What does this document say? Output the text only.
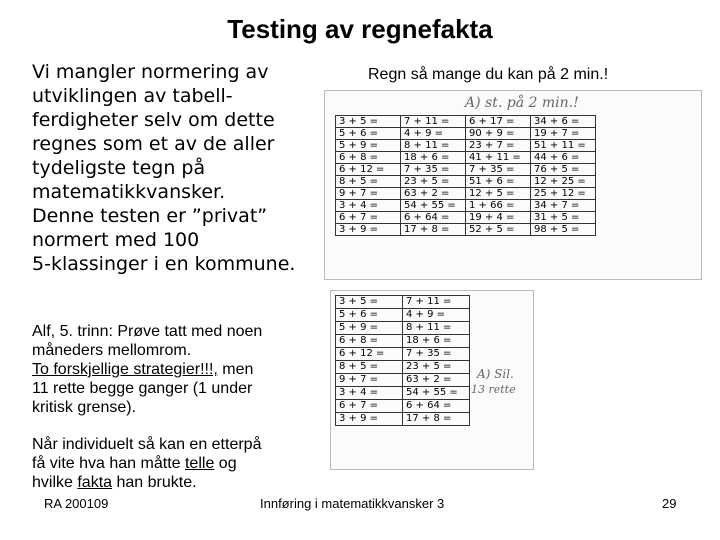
Testing av regnefakta
Vi mangler normering av
utviklingen av tabell-
ferdigheter selv om dette
regnes som et av de aller
tydeligste tegn på
matematikkvansker.
Denne testen er ”privat”
normert med 100
5-klassinger i en kommune.
Regn så mange du kan på 2 min.!
A) st. på 2 min.!
3 + 5 =	7 + 11 =	6 + 17 =	34 + 6 =
5 + 6 =	4 + 9 =	90 + 9 =	19 + 7 =
5 + 9 =	8 + 11 =	23 + 7 =	51 + 11 =
6 + 8 =	18 + 6 =	41 + 11 =	44 + 6 =
6 + 12 =	7 + 35 =	7 + 35 =	76 + 5 =
8 + 5 =	23 + 5 =	51 + 6 =	12 + 25 =
9 + 7 =	63 + 2 =	12 + 5 =	25 + 12 =
3 + 4 =	54 + 55 =	1 + 66 =	34 + 7 =
6 + 7 =	6 + 64 =	19 + 4 =	31 + 5 =
3 + 9 =	17 + 8 =	52 + 5 =	98 + 5 =
3 + 5 =	7 + 11 =
5 + 6 =	4 + 9 =
5 + 9 =	8 + 11 =
6 + 8 =	18 + 6 =
6 + 12 =	7 + 35 =
8 + 5 =	23 + 5 =
9 + 7 =	63 + 2 =
3 + 4 =	54 + 55 =
6 + 7 =	6 + 64 =
3 + 9 =	17 + 8 =
A) Sil.
13 rette
Alf, 5. trinn: Prøve tatt med noen
måneders mellomrom.
To forskjellige strategier!!!, men
11 rette begge ganger (1 under
kritisk grense).
Når individuelt så kan en etterpå
få vite hva han måtte telle og
hvilke fakta han brukte.
RA 200109	Innføring i matematikkvansker 3	29
